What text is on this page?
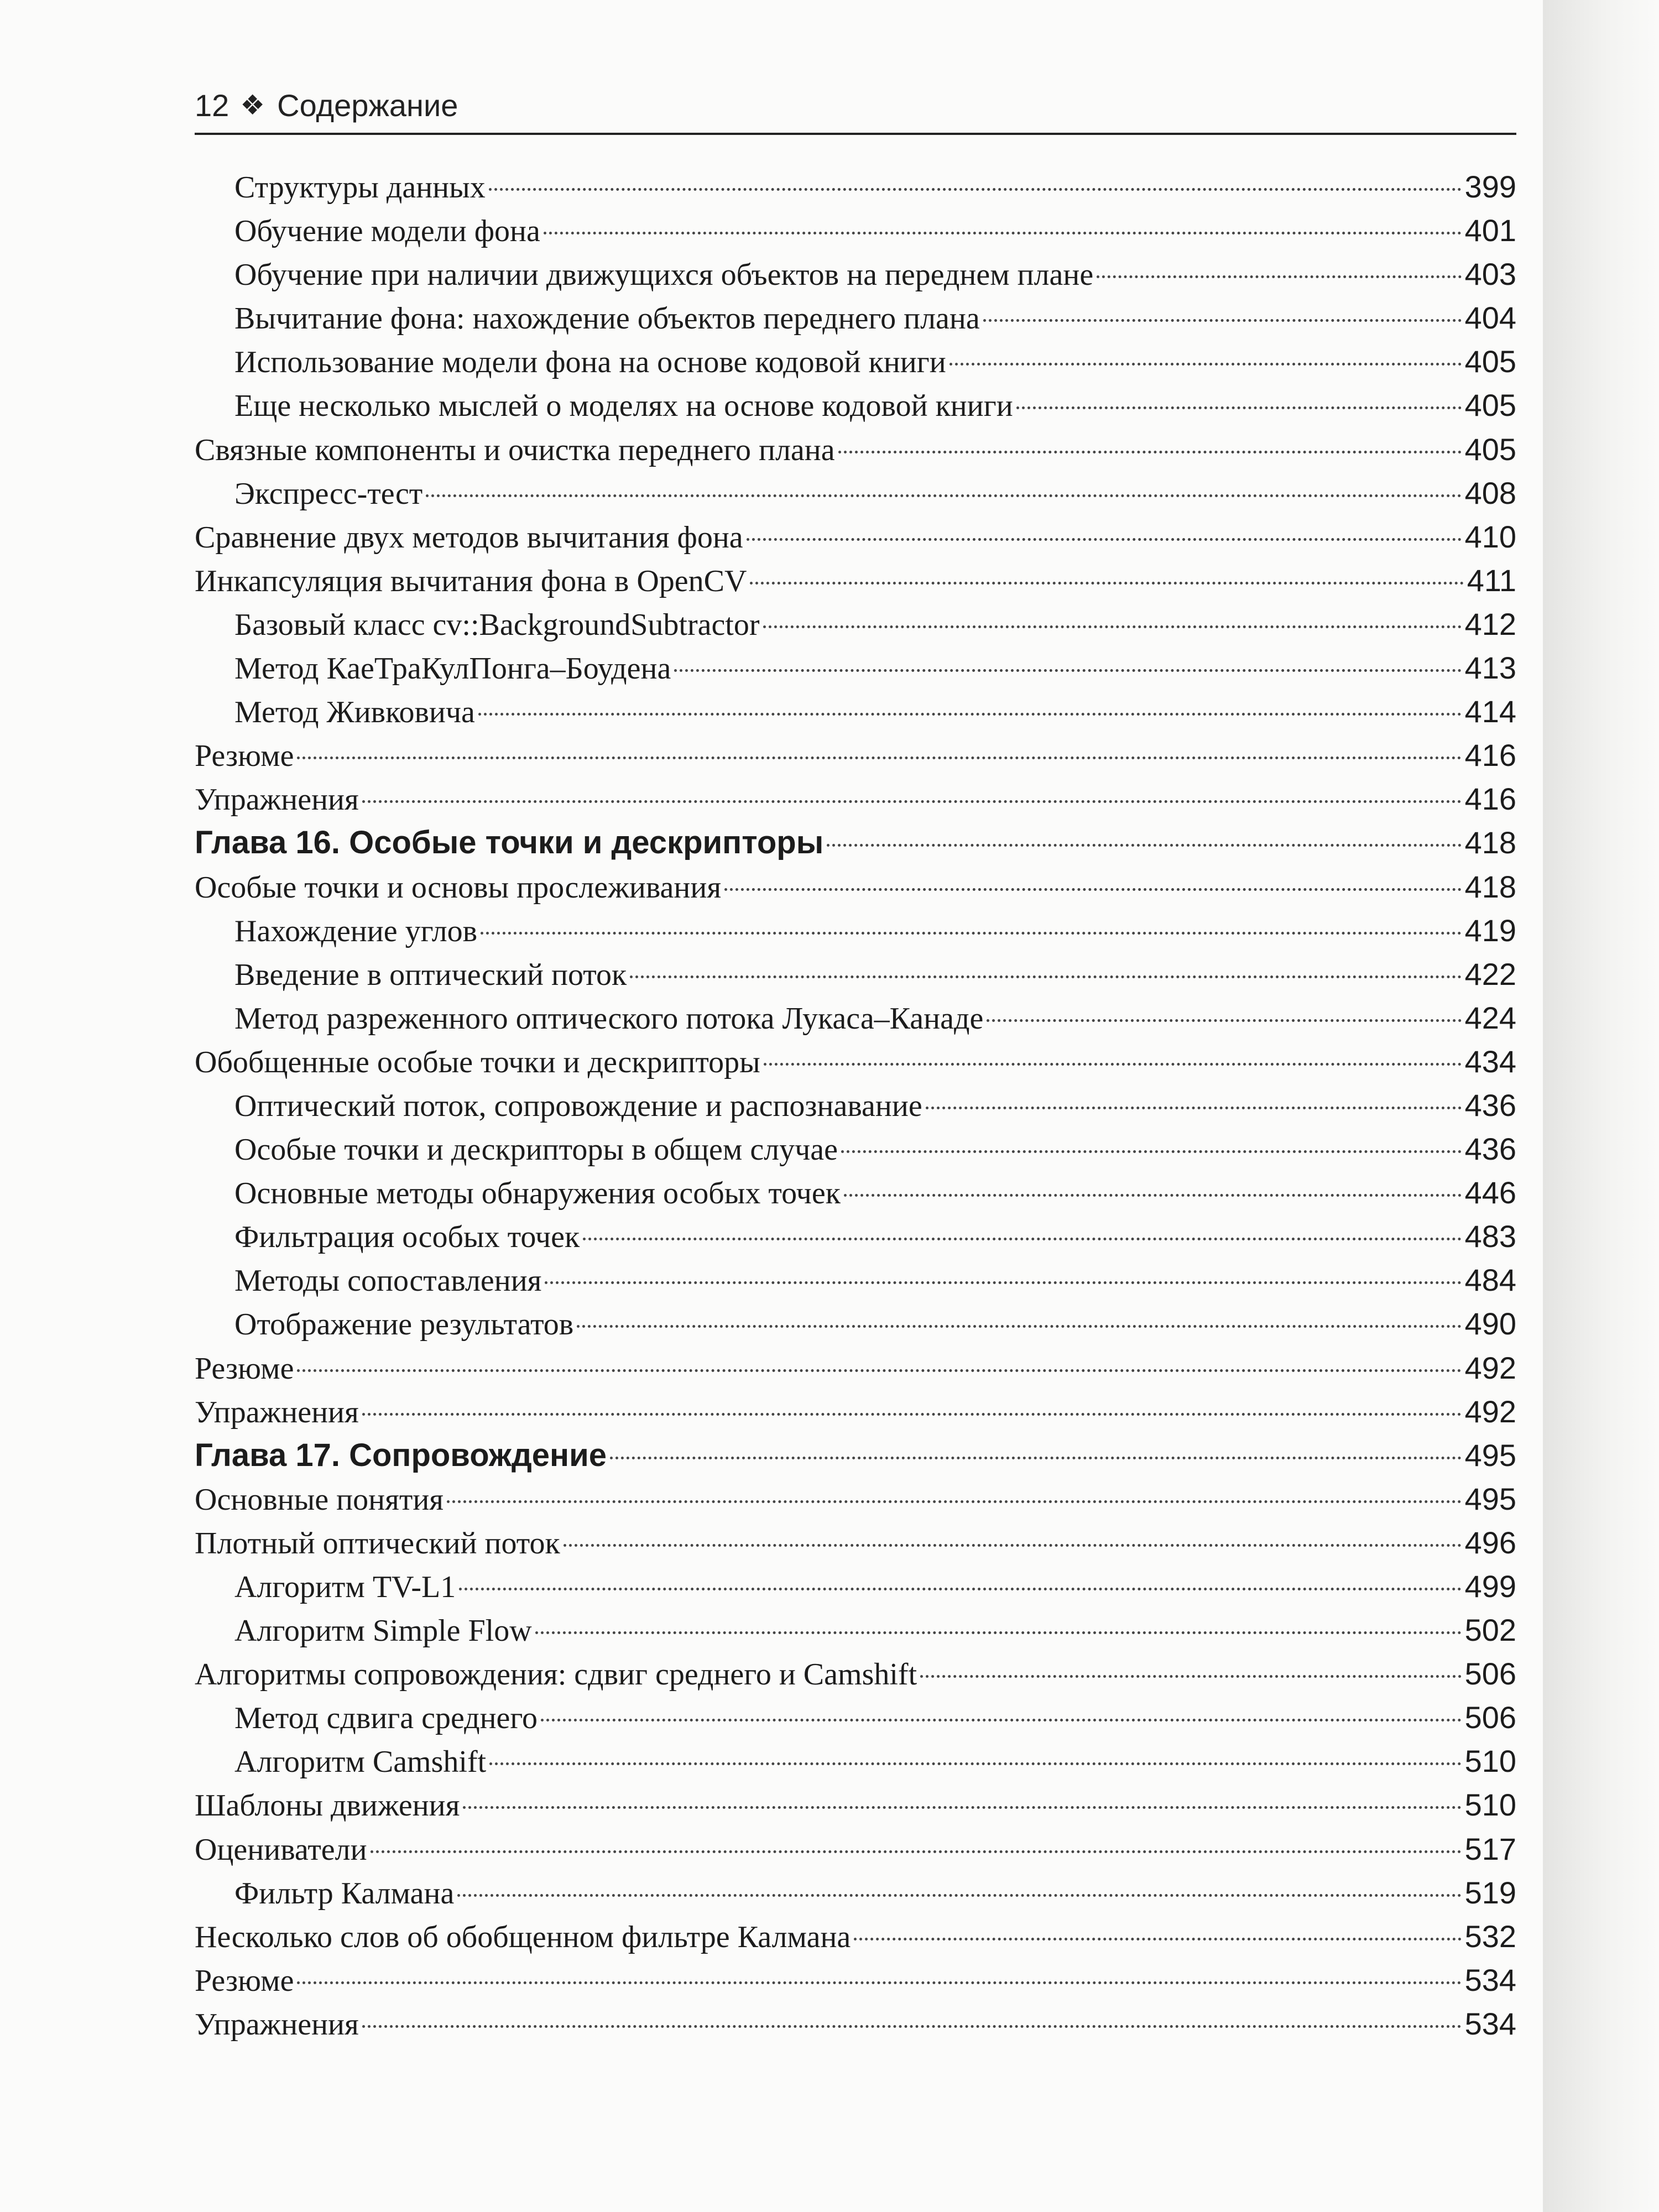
12 ❖ Содержание
Структуры данных	399
Обучение модели фона	401
Обучение при наличии движущихся объектов на переднем плане	403
Вычитание фона: нахождение объектов переднего плана	404
Использование модели фона на основе кодовой книги	405
Еще несколько мыслей о моделях на основе кодовой книги	405
Связные компоненты и очистка переднего плана	405
Экспресс-тест	408
Сравнение двух методов вычитания фона	410
Инкапсуляция вычитания фона в OpenCV	411
Базовый класс cv::BackgroundSubtractor	412
Метод КаеТраКулПонга–Боудена	413
Метод Живковича	414
Резюме	416
Упражнения	416
Глава 16. Особые точки и дескрипторы	418
Особые точки и основы прослеживания	418
Нахождение углов	419
Введение в оптический поток	422
Метод разреженного оптического потока Лукаса–Канаде	424
Обобщенные особые точки и дескрипторы	434
Оптический поток, сопровождение и распознавание	436
Особые точки и дескрипторы в общем случае	436
Основные методы обнаружения особых точек	446
Фильтрация особых точек	483
Методы сопоставления	484
Отображение результатов	490
Резюме	492
Упражнения	492
Глава 17. Сопровождение	495
Основные понятия	495
Плотный оптический поток	496
Алгоритм TV-L1	499
Алгоритм Simple Flow	502
Алгоритмы сопровождения: сдвиг среднего и Camshift	506
Метод сдвига среднего	506
Алгоритм Camshift	510
Шаблоны движения	510
Оцениватели	517
Фильтр Калмана	519
Несколько слов об обобщенном фильтре Калмана	532
Резюме	534
Упражнения	534
